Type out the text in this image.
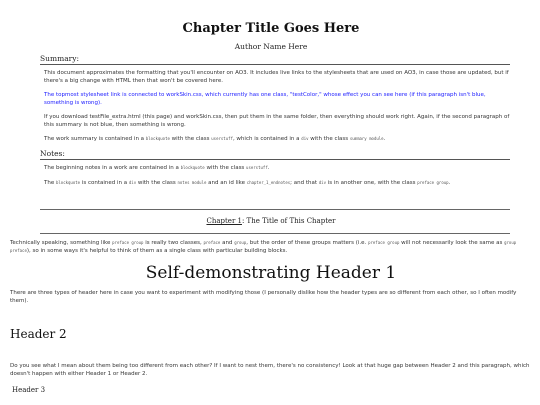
Chapter Title Goes Here
Author Name Here
Summary:

This document approximates the formatting that you'll encounter on AO3. It includes live links to the stylesheets that are used on AO3, in case those are updated, but if there's a big change with HTML then that won't be covered here.

The topmost stylesheet link is connected to workSkin.css, which currently has one class, "testColor," whose effect you can see here (if this paragraph isn't blue, something is wrong).

If you download testFile_extra.html (this page) and workSkin.css, then put them in the same folder, then everything should work right. Again, if the second paragraph of this summary is not blue, then something is wrong.

The work summary is contained in a blockquote with the class userstuff, which is contained in a div with the class summary module.

Notes:

The beginning notes in a work are contained in a blockquote with the class userstuff.

The blockquote is contained in a div with the class notes module and an id like chapter_1_endnotes; and that div is in another one, with the class preface group.

Chapter 1: The Title of This Chapter

Technically speaking, something like preface group is really two classes, preface and group, but the order of these groups matters (i.e. preface group will not necessarily look the same as group preface), so in some ways it's helpful to think of them as a single class with particular building blocks.

Self-demonstrating Header 1

There are three types of header here in case you want to experiment with modifying those (I personally dislike how the header types are so different from each other, so I often modify them).

Header 2

Do you see what I mean about them being too different from each other? If I want to nest them, there's no consistency! Look at that huge gap between Header 2 and this paragraph, which doesn't happen with either Header 1 or Header 2.

Header 3
